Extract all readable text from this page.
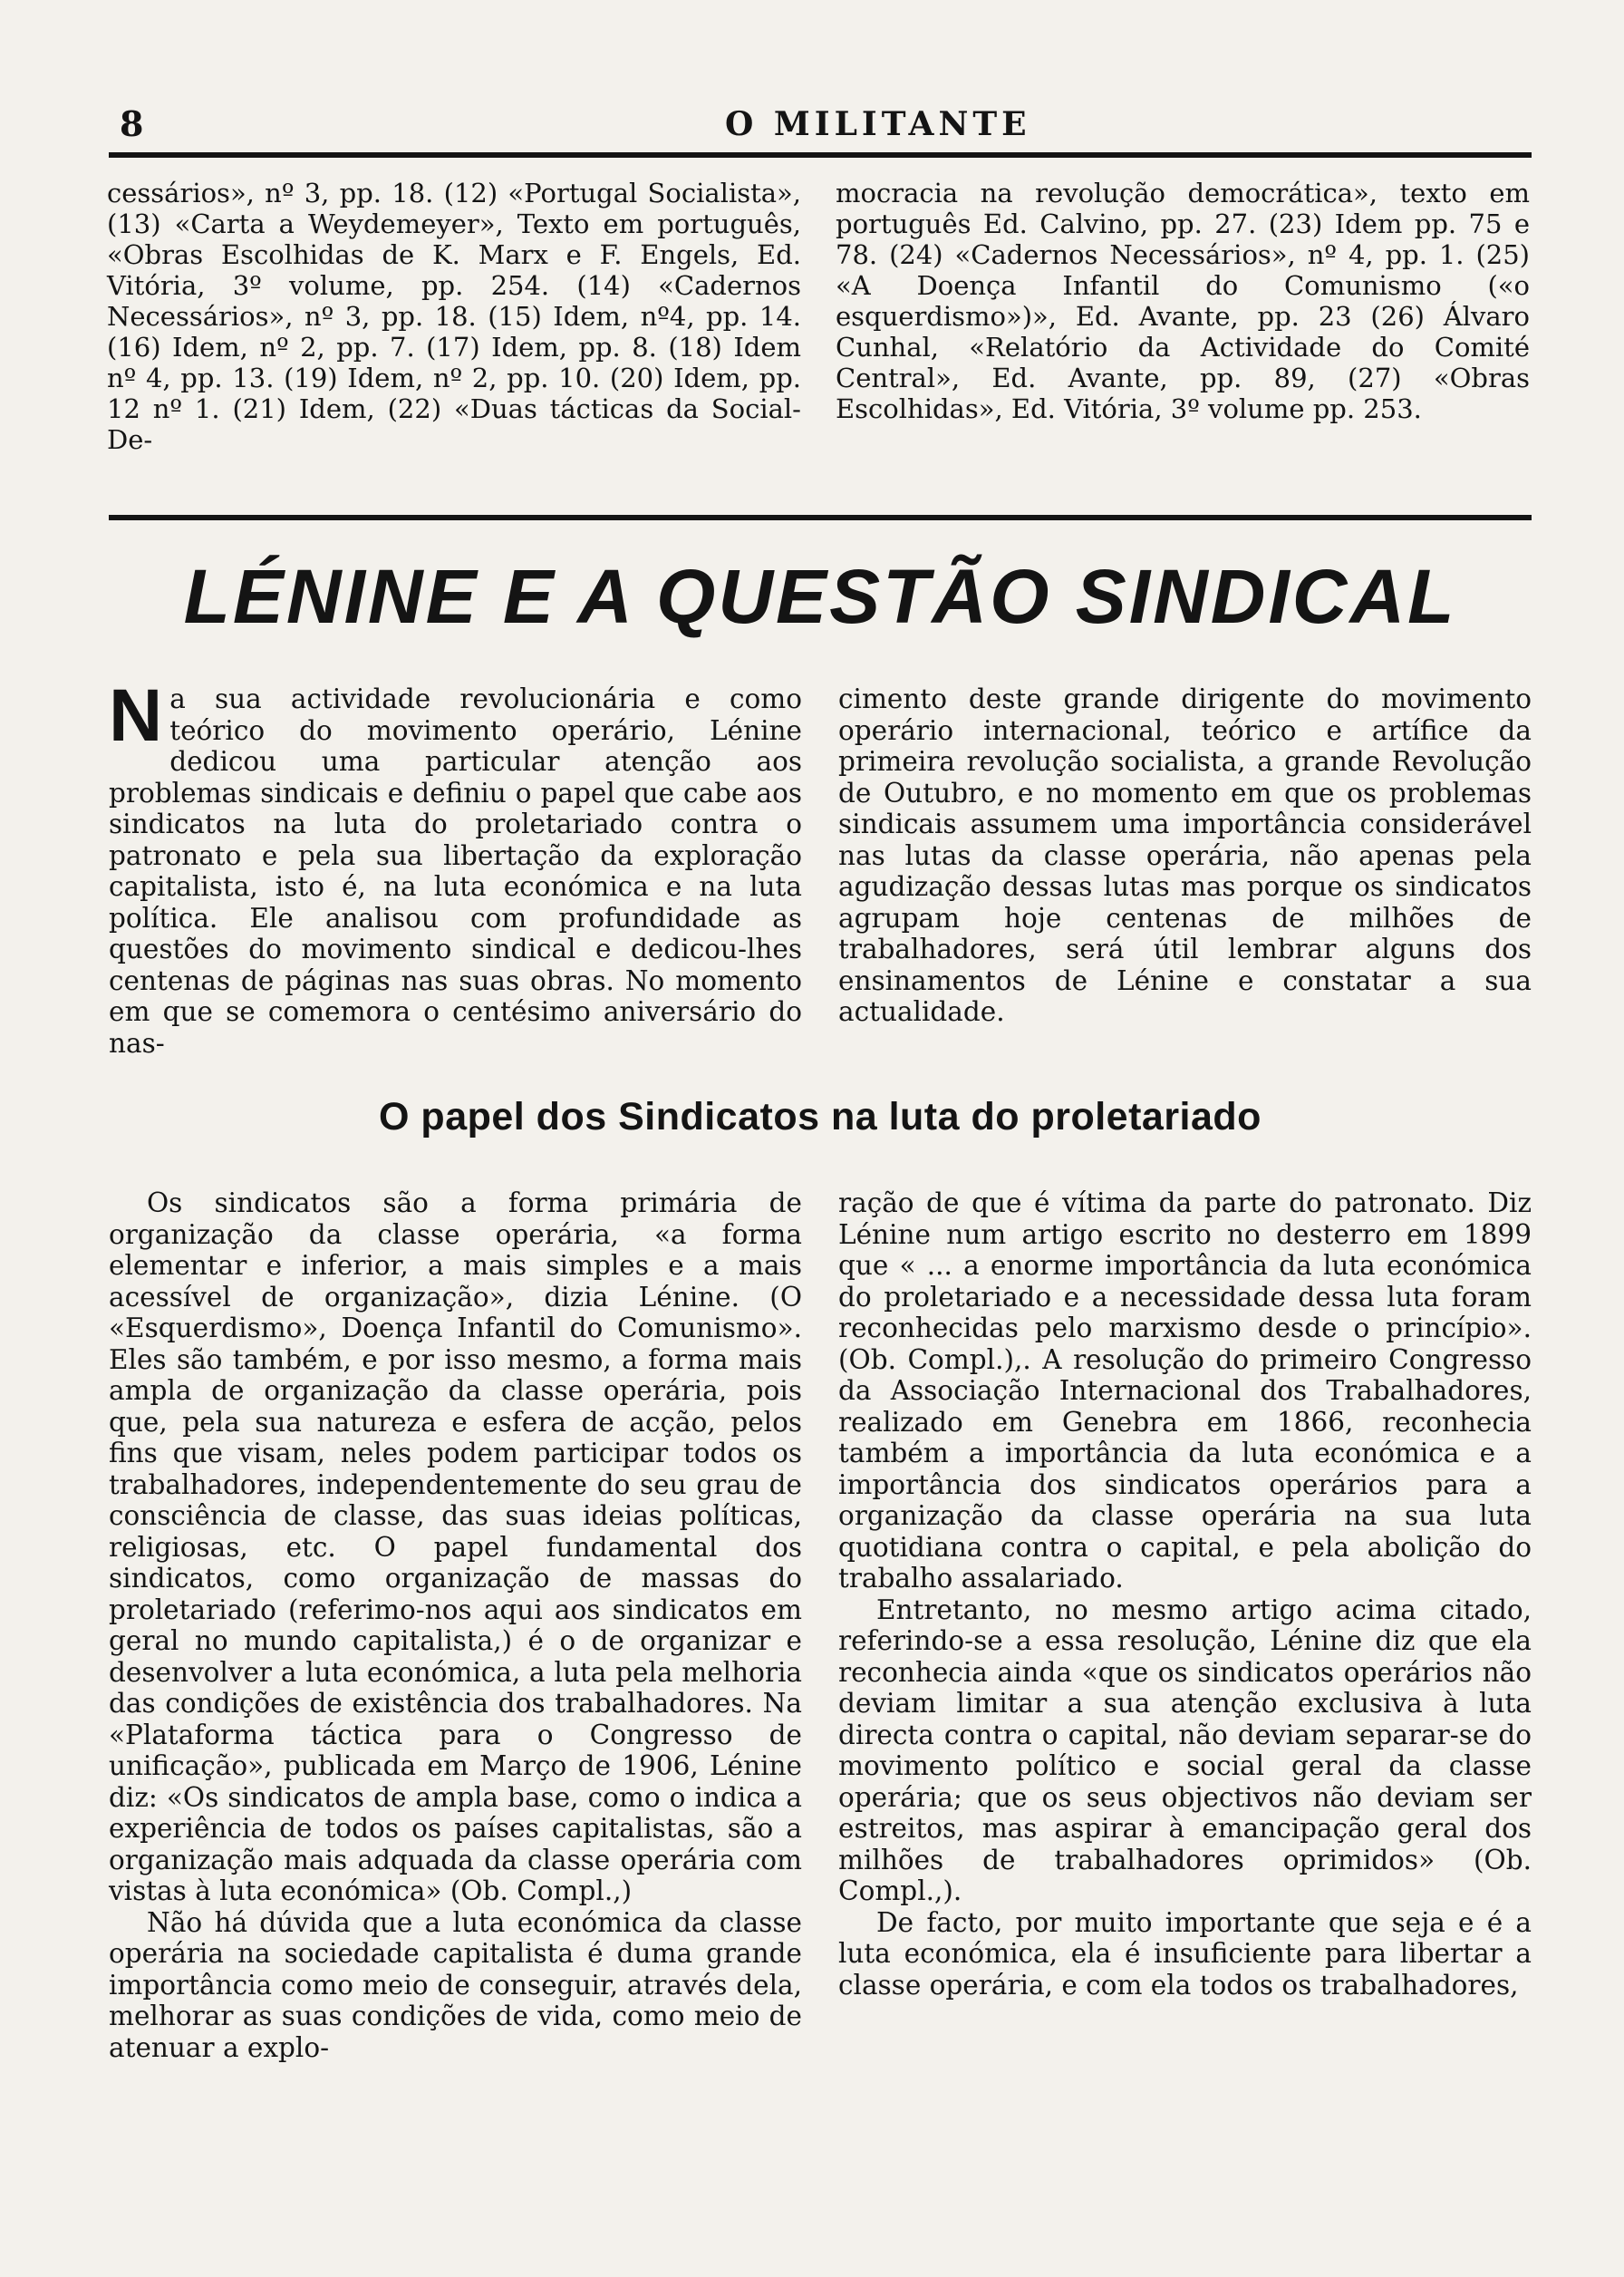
8	O MILITANTE
cessários», nº 3, pp. 18. (12) «Portugal Socialista», (13) «Carta a Weydemeyer», Texto em português, «Obras Escolhidas de K. Marx e F. Engels, Ed. Vitória, 3º volume, pp. 254. (14) «Cadernos Necessários», nº 3, pp. 18. (15) Idem, nº4, pp. 14. (16) Idem, nº 2, pp. 7. (17) Idem, pp. 8. (18) Idem nº 4, pp. 13. (19) Idem, nº 2, pp. 10. (20) Idem, pp. 12 nº 1. (21) Idem, (22) «Duas tácticas da Social-De-
mocracia na revolução democrática», texto em português Ed. Calvino, pp. 27. (23) Idem pp. 75 e 78. (24) «Cadernos Necessários», nº 4, pp. 1. (25) «A Doença Infantil do Comunismo («o esquerdismo»)», Ed. Avante, pp. 23 (26) Álvaro Cunhal, «Relatório da Actividade do Comité Central», Ed. Avante, pp. 89, (27) «Obras Escolhidas», Ed. Vitória, 3º volume pp. 253.
LÉNINE E A QUESTÃO SINDICAL
Na sua actividade revolucionária e como teórico do movimento operário, Lénine dedicou uma particular atenção aos problemas sindicais e definiu o papel que cabe aos sindicatos na luta do proletariado contra o patronato e pela sua libertação da exploração capitalista, isto é, na luta económica e na luta política. Ele analisou com profundidade as questões do movimento sindical e dedicou-lhes centenas de páginas nas suas obras. No momento em que se comemora o centésimo aniversário do nas-
cimento deste grande dirigente do movimento operário internacional, teórico e artífice da primeira revolução socialista, a grande Revolução de Outubro, e no momento em que os problemas sindicais assumem uma importância considerável nas lutas da classe operária, não apenas pela agudização dessas lutas mas porque os sindicatos agrupam hoje centenas de milhões de trabalhadores, será útil lembrar alguns dos ensinamentos de Lénine e constatar a sua actualidade.
O papel dos Sindicatos na luta do proletariado

Os sindicatos são a forma primária de organização da classe operária, «a forma elementar e inferior, a mais simples e a mais acessível de organização», dizia Lénine. (O «Esquerdismo», Doença Infantil do Comunismo». Eles são também, e por isso mesmo, a forma mais ampla de organização da classe operária, pois que, pela sua natureza e esfera de acção, pelos fins que visam, neles podem participar todos os trabalhadores, independentemente do seu grau de consciência de classe, das suas ideias políticas, religiosas, etc. O papel fundamental dos sindicatos, como organização de massas do proletariado (referimo-nos aqui aos sindicatos em geral no mundo capitalista,) é o de organizar e desenvolver a luta económica, a luta pela melhoria das condições de existência dos trabalhadores. Na «Plataforma táctica para o Congresso de unificação», publicada em Março de 1906, Lénine diz: «Os sindicatos de ampla base, como o indica a experiência de todos os países capitalistas, são a organização mais adquada da classe operária com vistas à luta económica» (Ob. Compl.,)

Não há dúvida que a luta económica da classe operária na sociedade capitalista é duma grande importância como meio de conseguir, através dela, melhorar as suas condições de vida, como meio de atenuar a explo-

ração de que é vítima da parte do patronato. Diz Lénine num artigo escrito no desterro em 1899 que « ... a enorme importância da luta económica do proletariado e a necessidade dessa luta foram reconhecidas pelo marxismo desde o princípio». (Ob. Compl.),. A resolução do primeiro Congresso da Associação Internacional dos Trabalhadores, realizado em Genebra em 1866, reconhecia também a importância da luta económica e a importância dos sindicatos operários para a organização da classe operária na sua luta quotidiana contra o capital, e pela abolição do trabalho assalariado.

Entretanto, no mesmo artigo acima citado, referindo-se a essa resolução, Lénine diz que ela reconhecia ainda «que os sindicatos operários não deviam limitar a sua atenção exclusiva à luta directa contra o capital, não deviam separar-se do movimento político e social geral da classe operária; que os seus objectivos não deviam ser estreitos, mas aspirar à emancipação geral dos milhões de trabalhadores oprimidos» (Ob. Compl.,).

De facto, por muito importante que seja e é a luta económica, ela é insuficiente para libertar a classe operária, e com ela todos os trabalhadores,
